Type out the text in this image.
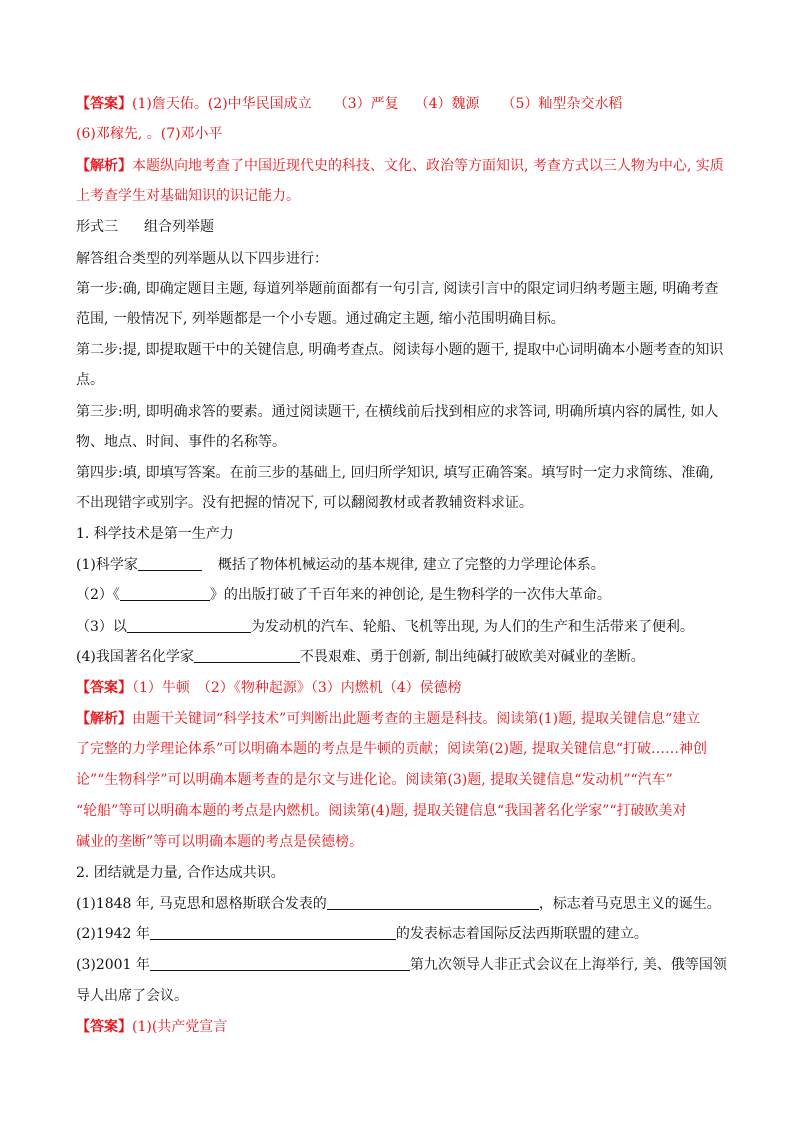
【答案】(1)詹天佑。(2)中华民国成立 （3）严复 （4）魏源 （5）籼型杂交水稻

(6)邓稼先, 。(7)邓小平

【解析】本题纵向地考查了中国近现代史的科技、文化、政治等方面知识, 考查方式以三人物为中心, 实质

上考查学生对基础知识的识记能力。

形式三 组合列举题

解答组合类型的列举题从以下四步进行：

第一步:确, 即确定题目主题, 每道列举题前面都有一句引言, 阅读引言中的限定词归纳考题主题, 明确考查

范围, 一般情况下, 列举题都是一个小专题。通过确定主题, 缩小范围明确目标。

第二步:提, 即提取题干中的关键信息, 明确考查点。阅读每小题的题干, 提取中心词明确本小题考查的知识

点。

第三步:明, 即明确求答的要素。通过阅读题干, 在横线前后找到相应的求答词, 明确所填内容的属性, 如人

物、地点、时间、事件的名称等。

第四步:填, 即填写答案。在前三步的基础上, 回归所学知识, 填写正确答案。填写时一定力求简练、准确,

不出现错字或别字。没有把握的情况下, 可以翻阅教材或者教辅资料求证。

1. 科学技术是第一生产力

(1)科学家	概括了物体机械运动的基本规律, 建立了完整的力学理论体系。

（2）《	》的出版打破了千百年来的神创论, 是生物科学的一次伟大革命。

（3）以	为发动机的汽车、轮船、飞机等出现, 为人们的生产和生活带来了便利。

(4)我国著名化学家	不畏艰难、勇于创新, 制出纯碱打破欧美对碱业的垄断。

【答案】（1）牛顿　（2）《物种起源》（3）内燃机（4）侯德榜

【解析】由题干关键词“科学技术”可判断出此题考查的主题是科技。阅读第(1)题, 提取关键信息“建立

了完整的力学理论体系”可以明确本题的考点是牛顿的贡献；阅读第(2)题, 提取关键信息“打破……神创

论”“生物科学”可以明确本题考查的是尔文与进化论。阅读第(3)题, 提取关键信息“发动机”“汽车”

“轮船”等可以明确本题的考点是内燃机。阅读第(4)题, 提取关键信息“我国著名化学家”“打破欧美对

碱业的垄断”等可以明确本题的考点是侯德榜。

2. 团结就是力量, 合作达成共识。

(1)1848 年, 马克思和恩格斯联合发表的	，标志着马克思主义的诞生。

(2)1942 年	的发表标志着国际反法西斯联盟的建立。

(3)2001 年	第九次领导人非正式会议在上海举行, 美、俄等国领

导人出席了会议。

【答案】(1)(共产党宣言
